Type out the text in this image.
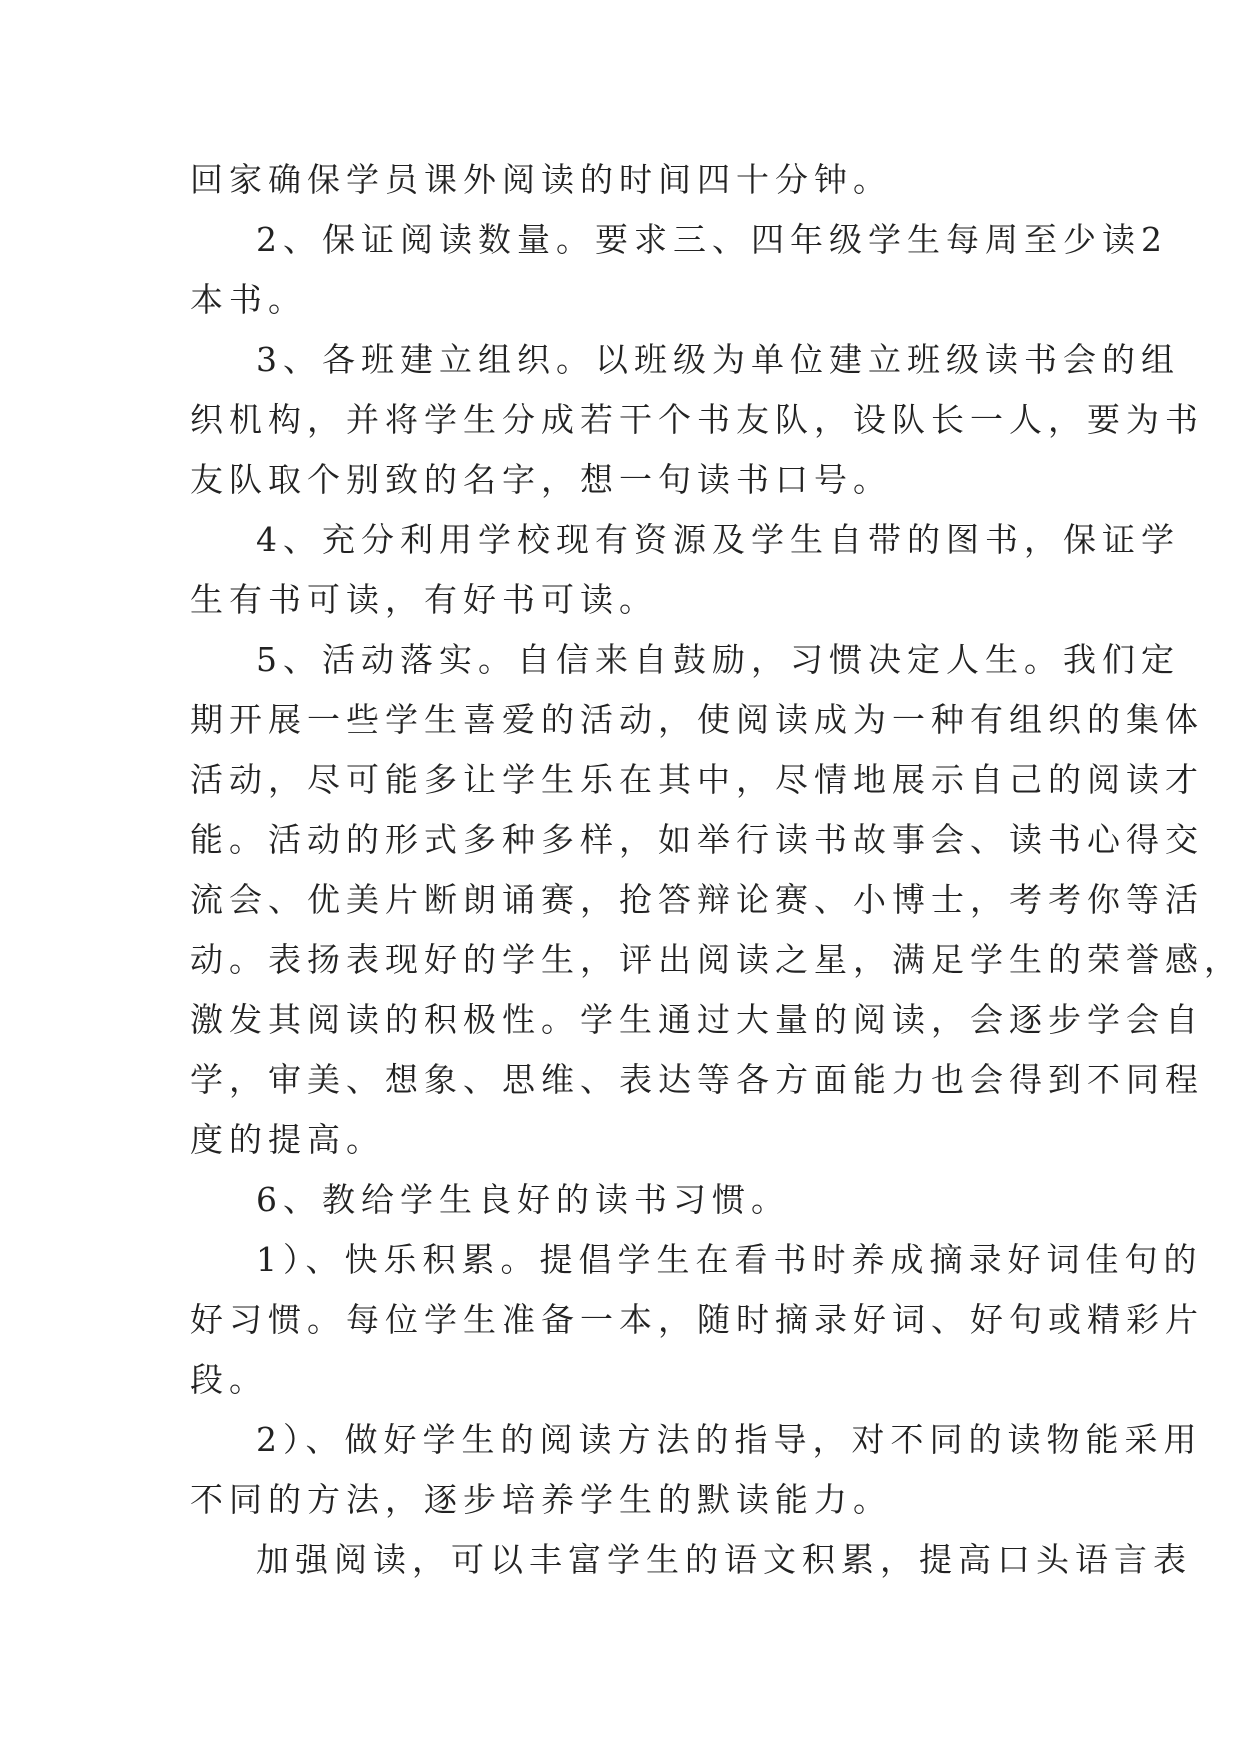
回家确保学员课外阅读的时间四十分钟。
2、保证阅读数量。要求三、四年级学生每周至少读2
本书。
3、各班建立组织。以班级为单位建立班级读书会的组
织机构，并将学生分成若干个书友队，设队长一人，要为书
友队取个别致的名字，想一句读书口号。
4、充分利用学校现有资源及学生自带的图书，保证学
生有书可读，有好书可读。
5、活动落实。自信来自鼓励，习惯决定人生。我们定
期开展一些学生喜爱的活动，使阅读成为一种有组织的集体
活动，尽可能多让学生乐在其中，尽情地展示自己的阅读才
能。活动的形式多种多样，如举行读书故事会、读书心得交
流会、优美片断朗诵赛，抢答辩论赛、小博士，考考你等活
动。表扬表现好的学生，评出阅读之星，满足学生的荣誉感，
激发其阅读的积极性。学生通过大量的阅读，会逐步学会自
学，审美、想象、思维、表达等各方面能力也会得到不同程
度的提高。
6、教给学生良好的读书习惯。
1）、快乐积累。提倡学生在看书时养成摘录好词佳句的
好习惯。每位学生准备一本，随时摘录好词、好句或精彩片
段。
2）、做好学生的阅读方法的指导，对不同的读物能采用
不同的方法，逐步培养学生的默读能力。
加强阅读，可以丰富学生的语文积累，提高口头语言表
